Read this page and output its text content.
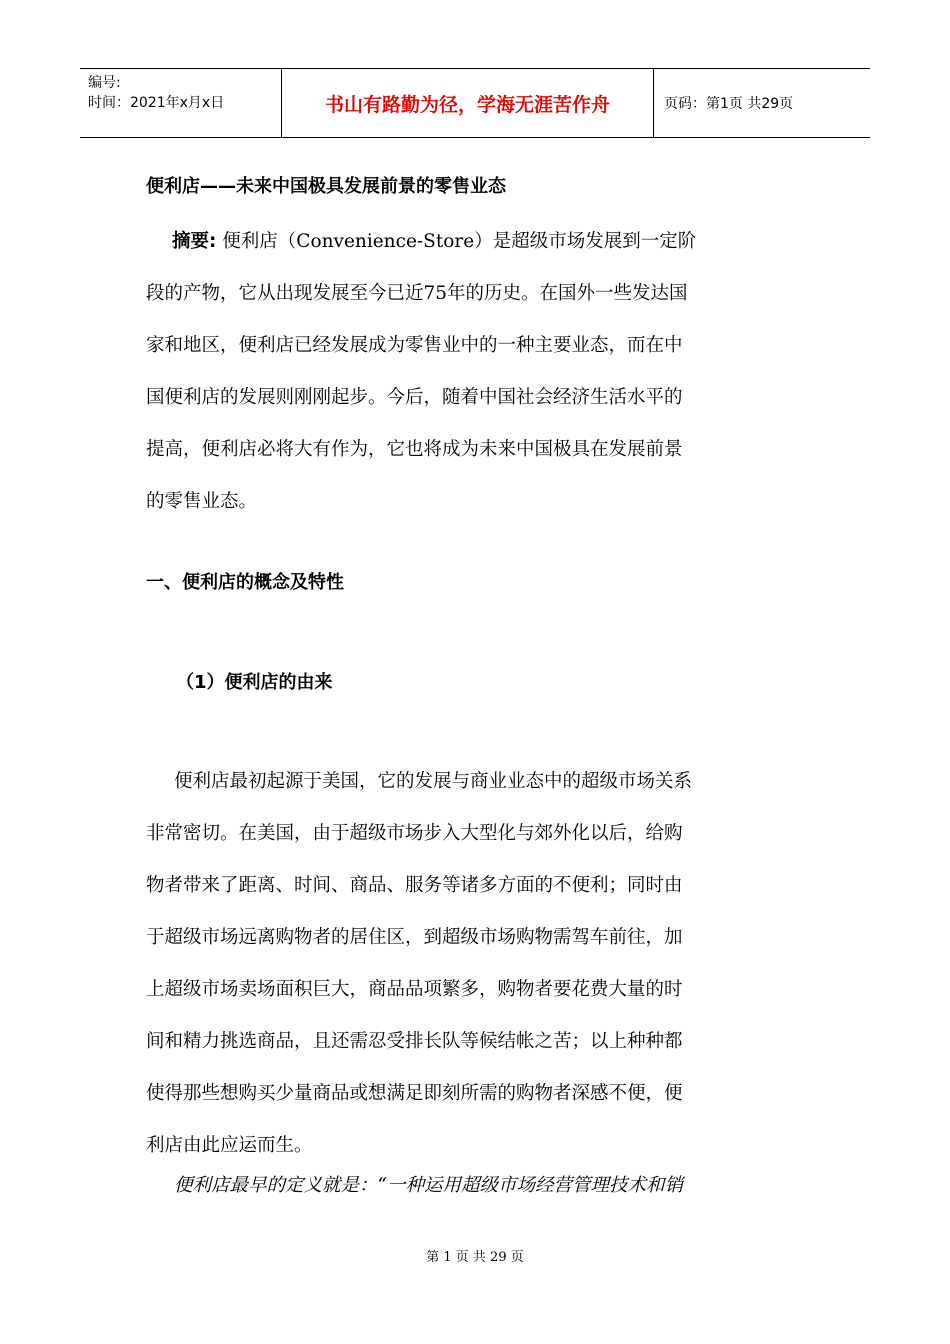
编号:
时间：2021年x月x日	书山有路勤为径，学海无涯苦作舟	页码：第1页 共29页
便利店——未来中国极具发展前景的零售业态
摘要: 便利店（Convenience-Store）是超级市场发展到一定阶
段的产物，它从出现发展至今已近75年的历史。在国外一些发达国
家和地区，便利店已经发展成为零售业中的一种主要业态，而在中
国便利店的发展则刚刚起步。今后，随着中国社会经济生活水平的
提高，便利店必将大有作为，它也将成为未来中国极具在发展前景
的零售业态。
一、便利店的概念及特性
（1）便利店的由来
便利店最初起源于美国，它的发展与商业业态中的超级市场关系
非常密切。在美国，由于超级市场步入大型化与郊外化以后，给购
物者带来了距离、时间、商品、服务等诸多方面的不便利；同时由
于超级市场远离购物者的居住区，到超级市场购物需驾车前往，加
上超级市场卖场面积巨大，商品品项繁多，购物者要花费大量的时
间和精力挑选商品，且还需忍受排长队等候结帐之苦；以上种种都
使得那些想购买少量商品或想满足即刻所需的购物者深感不便，便
利店由此应运而生。
便利店最早的定义就是：“一种运用超级市场经营管理技术和销
第 1 页 共 29 页
